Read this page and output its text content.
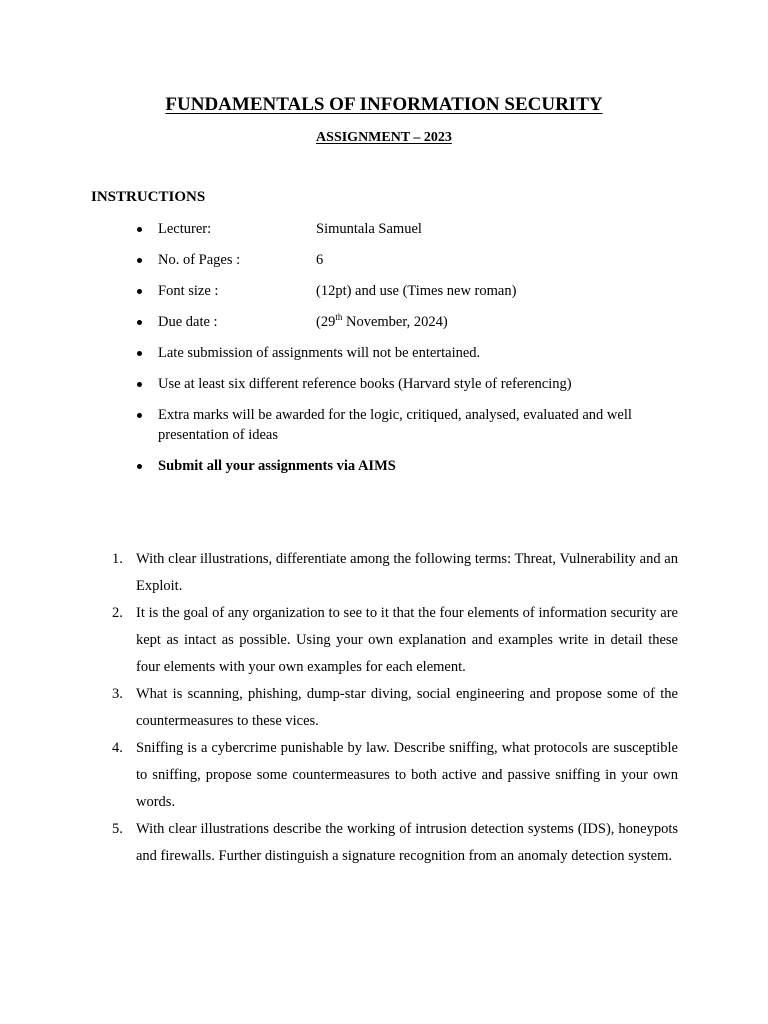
FUNDAMENTALS OF INFORMATION SECURITY
ASSIGNMENT – 2023
INSTRUCTIONS
Lecturer:	Simuntala Samuel
No. of Pages :	6
Font size :	(12pt) and use (Times new roman)
Due date :	(29th November, 2024)
Late submission of assignments will not be entertained.
Use at least six different reference books (Harvard style of referencing)
Extra marks will be awarded for the logic, critiqued, analysed, evaluated and well presentation of ideas
Submit all your assignments via AIMS
1. With clear illustrations, differentiate among the following terms: Threat, Vulnerability and an Exploit.
2. It is the goal of any organization to see to it that the four elements of information security are kept as intact as possible. Using your own explanation and examples write in detail these four elements with your own examples for each element.
3. What is scanning, phishing, dump-star diving, social engineering and propose some of the countermeasures to these vices.
4. Sniffing is a cybercrime punishable by law. Describe sniffing, what protocols are susceptible to sniffing, propose some countermeasures to both active and passive sniffing in your own words.
5. With clear illustrations describe the working of intrusion detection systems (IDS), honeypots and firewalls. Further distinguish a signature recognition from an anomaly detection system.
